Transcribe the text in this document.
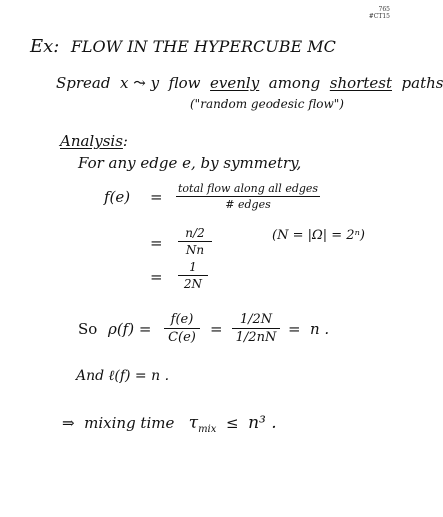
765
#CT15
Ex: FLOW IN THE HYPERCUBE MC
Spread x ⤳ y flow evenly among shortest paths
("random geodesic flow")
Analysis:
For any edge e, by symmetry,
f(e) = total flow along all edges
# edges
= $\frac{n/2}{Nn}$	(N = |Ω| = 2ⁿ)
= $\frac{1}{2N}$
So $\rho(f) = \frac{f(e)}{C(e)} = \frac{1/2N}{1/2nN} = n$ .
And ℓ(f) = n .
⇒ mixing time $\tau_{mix} \le n^3$ .
